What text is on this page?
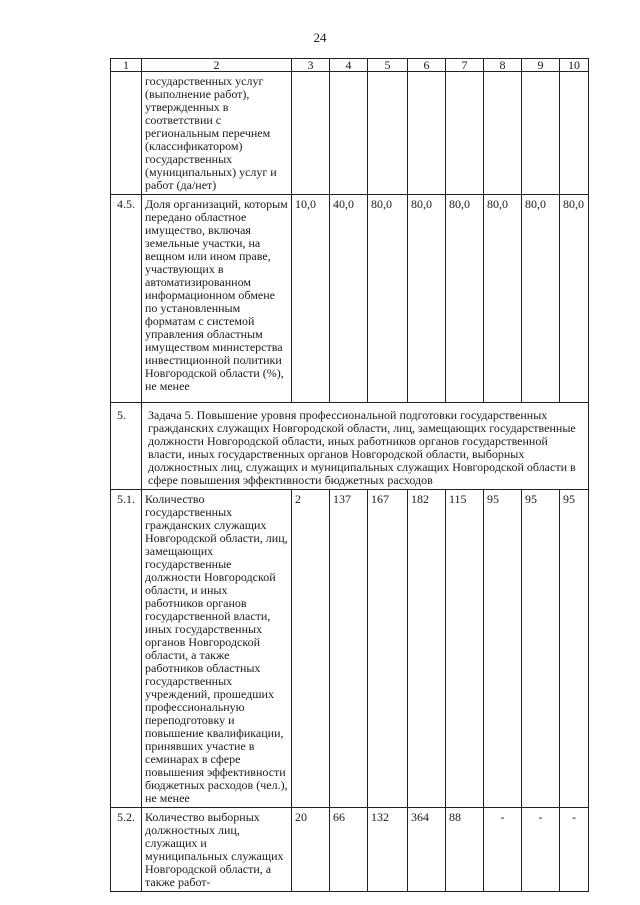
24
1	2	3	4	5	6	7	8	9	10
	государственных услуг (выполнение работ), утвержденных в соответствии с региональным перечнем (классификатором) государственных (муниципальных) услуг и работ (да/нет)								
4.5.	Доля организаций, которым передано областное имущество, включая земельные участки, на вещном или ином праве, участвующих в автоматизированном информационном обмене по установленным форматам с системой управления областным имуществом министерства инвестиционной политики Новгородской области (%), не менее	10,0	40,0	80,0	80,0	80,0	80,0	80,0	80,0
5.	Задача 5. Повышение уровня профессиональной подготовки государственных гражданских служащих Новгородской области, лиц, замещающих государственные должности Новгородской области, иных работников органов государственной власти, иных государственных органов Новгородской области, выборных должностных лиц, служащих и муниципальных служащих Новгородской области в сфере повышения эффективности бюджетных расходов								
5.1.	Количество государственных гражданских служащих Новгородской области, лиц, замещающих государственные должности Новгородской области, и иных работников органов государственной власти, иных государственных органов Новгородской области, а также работников областных государственных учреждений, прошедших профессиональную переподготовку и повышение квалификации, принявших участие в семинарах в сфере повышения эффективности бюджетных расходов (чел.), не менее	2	137	167	182	115	95	95	95
5.2.	Количество выборных должностных лиц, служащих и муниципальных служащих Новгородской области, а также работ-	20	66	132	364	88	-	-	-
